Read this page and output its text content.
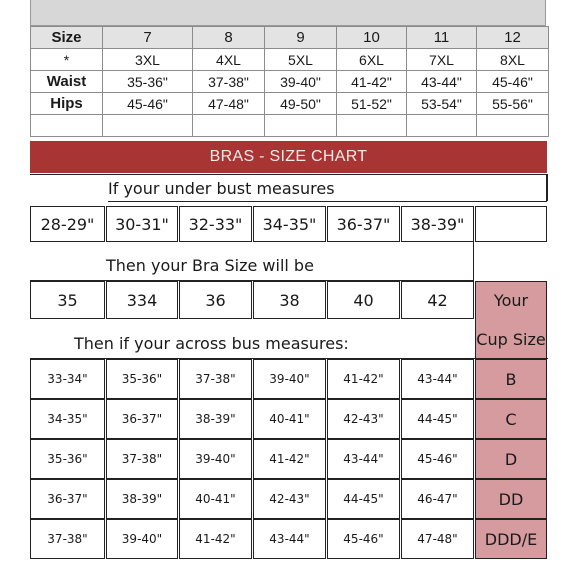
Size	7	8	9	10	11	12
*	3XL	4XL	5XL	6XL	7XL	8XL
Waist	35-36"	37-38"	39-40"	41-42"	43-44"	45-46"
Hips	45-46"	47-48"	49-50"	51-52"	53-54"	55-56"

BRAS - SIZE CHART
If your under bust measures
28-29"	30-31"	32-33"	34-35"	36-37"	38-39"
Then your Bra Size will be
35	334	36	38	40	42	Your
Cup Size
Then if your across bus measures:
33-34"	35-36"	37-38"	39-40"	41-42"	43-44"	B
34-35"	36-37"	38-39"	40-41"	42-43"	44-45"	C
35-36"	37-38"	39-40"	41-42"	43-44"	45-46"	D
36-37"	38-39"	40-41"	42-43"	44-45"	46-47"	DD
37-38"	39-40"	41-42"	43-44"	45-46"	47-48"	DDD/E
